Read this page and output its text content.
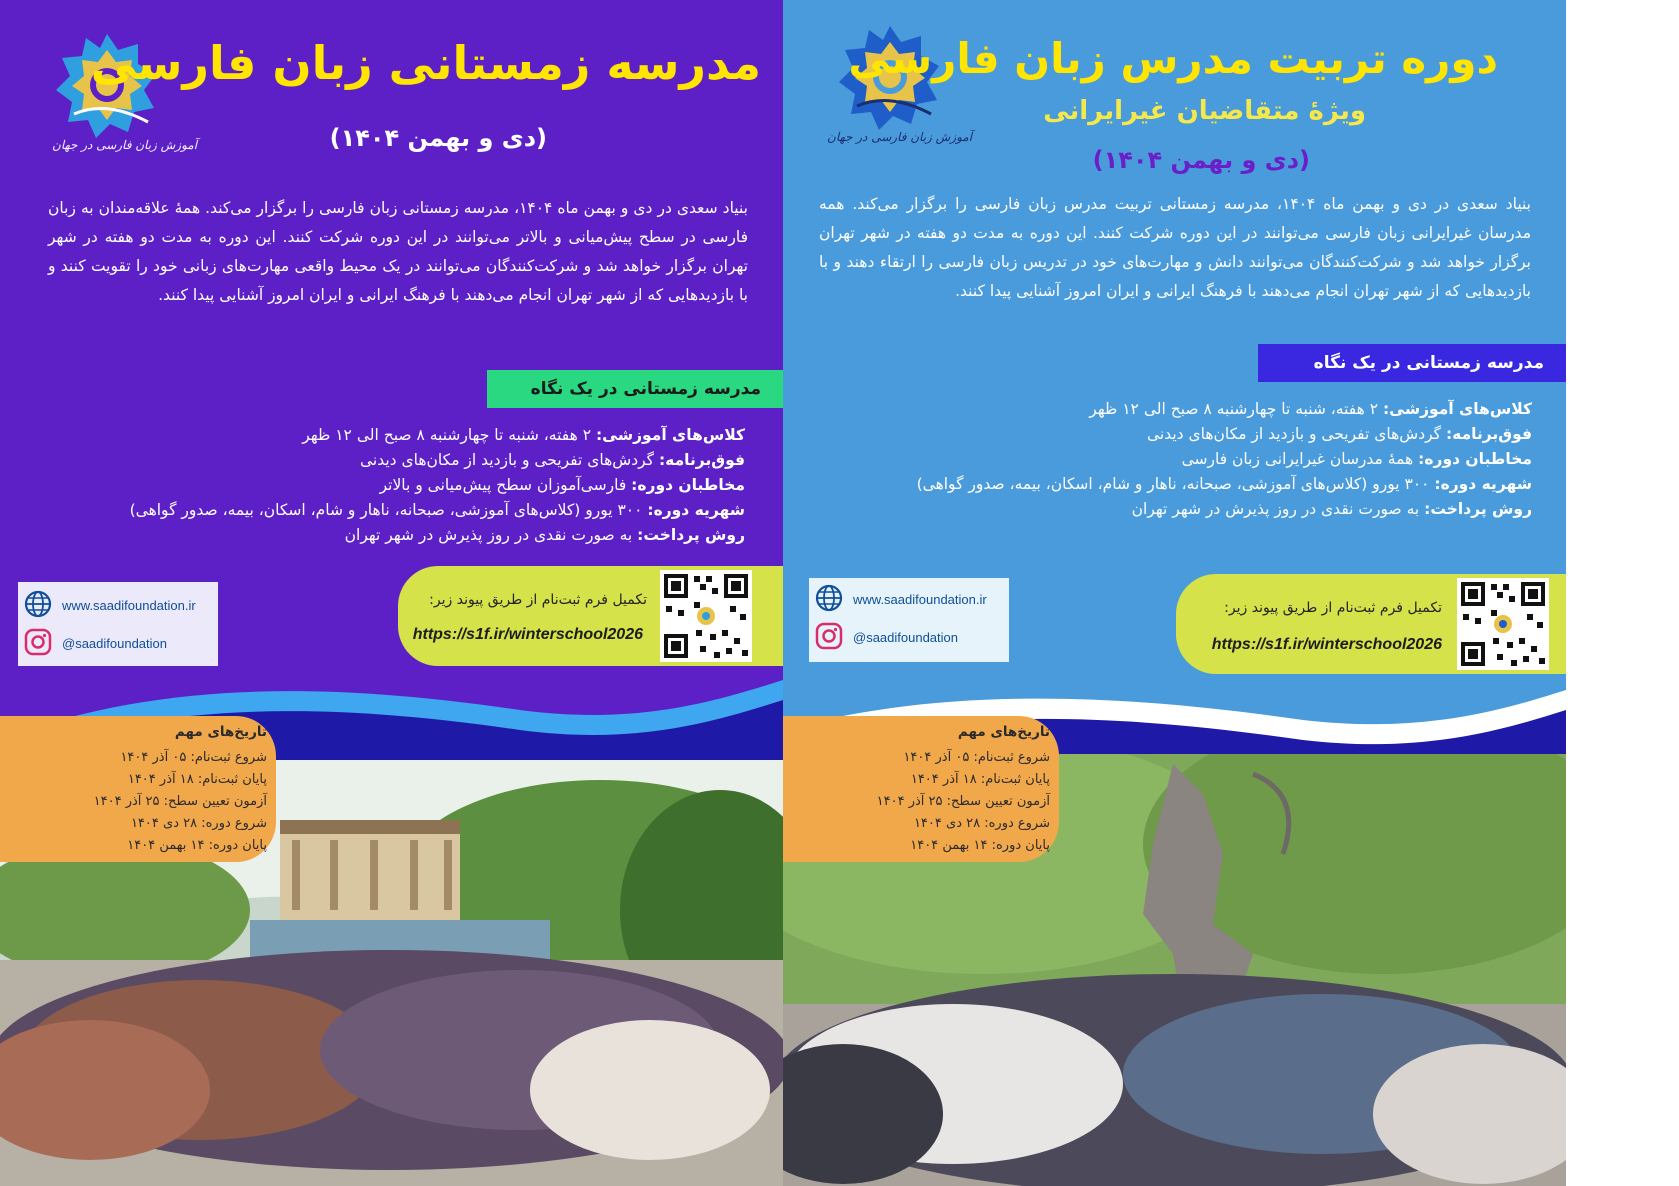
آموزش زبان فارسی در جهان
مدرسه زمستانی زبان فارسی
(دی و بهمن ۱۴۰۴)
بنیاد سعدی در دی و بهمن ماه ۱۴۰۴، مدرسه زمستانی زبان فارسی را برگزار می‌کند. همهٔ علاقه‌مندان به زبان فارسی در سطح پیش‌میانی و بالاتر می‌توانند در این دوره شرکت کنند. این دوره به مدت دو هفته در شهر تهران برگزار خواهد شد و شرکت‌کنندگان می‌توانند در یک محیط واقعی مهارت‌های زبانی خود را تقویت کنند و با بازدیدهایی که از شهر تهران انجام می‌دهند با فرهنگ ایرانی و ایران امروز آشنایی پیدا کنند.
مدرسه زمستانی در یک نگاه
کلاس‌های آموزشی: ۲ هفته، شنبه تا چهارشنبه ۸ صبح الی ۱۲ ظهر
فوق‌برنامه: گردش‌های تفریحی و بازدید از مکان‌های دیدنی
مخاطبان دوره: فارسی‌آموزان سطح پیش‌میانی و بالاتر
شهریه دوره: ۳۰۰ یورو (کلاس‌های آموزشی، صبحانه، ناهار و شام، اسکان، بیمه، صدور گواهی)
روش پرداخت: به صورت نقدی در روز پذیرش در شهر تهران
www.saadifoundation.ir
@saadifoundation
تکمیل فرم ثبت‌نام از طریق پیوند زیر:
https://s1f.ir/winterschool2026
تاریخ‌های مهم
شروع ثبت‌نام: ۰۵ آذر ۱۴۰۴
پایان ثبت‌نام: ۱۸ آذر ۱۴۰۴
آزمون تعیین سطح: ۲۵ آذر ۱۴۰۴
شروع دوره: ۲۸ دی ۱۴۰۴
پایان دوره: ۱۴ بهمن ۱۴۰۴
آموزش زبان فارسی در جهان
دوره تربیت مدرس زبان فارسی
ویژهٔ متقاضیان غیرایرانی
(دی و بهمن ۱۴۰۴)
بنیاد سعدی در دی و بهمن ماه ۱۴۰۴، مدرسه زمستانی تربیت مدرس زبان فارسی را برگزار می‌کند. همه مدرسان غیرایرانی زبان فارسی می‌توانند در این دوره شرکت کنند. این دوره به مدت دو هفته در شهر تهران برگزار خواهد شد و شرکت‌کنندگان می‌توانند دانش و مهارت‌های خود در تدریس زبان فارسی را ارتقاء دهند و با بازدیدهایی که از شهر تهران انجام می‌دهند با فرهنگ ایرانی و ایران امروز آشنایی پیدا کنند.
مدرسه زمستانی در یک نگاه
کلاس‌های آموزشی: ۲ هفته، شنبه تا چهارشنبه ۸ صبح الی ۱۲ ظهر
فوق‌برنامه: گردش‌های تفریحی و بازدید از مکان‌های دیدنی
مخاطبان دوره: همهٔ مدرسان غیرایرانی زبان فارسی
شهریه دوره: ۳۰۰ یورو (کلاس‌های آموزشی، صبحانه، ناهار و شام، اسکان، بیمه، صدور گواهی)
روش پرداخت: به صورت نقدی در روز پذیرش در شهر تهران
www.saadifoundation.ir
@saadifoundation
تکمیل فرم ثبت‌نام از طریق پیوند زیر:
https://s1f.ir/winterschool2026
تاریخ‌های مهم
شروع ثبت‌نام: ۰۵ آذر ۱۴۰۴
پایان ثبت‌نام: ۱۸ آذر ۱۴۰۴
آزمون تعیین سطح: ۲۵ آذر ۱۴۰۴
شروع دوره: ۲۸ دی ۱۴۰۴
پایان دوره: ۱۴ بهمن ۱۴۰۴
